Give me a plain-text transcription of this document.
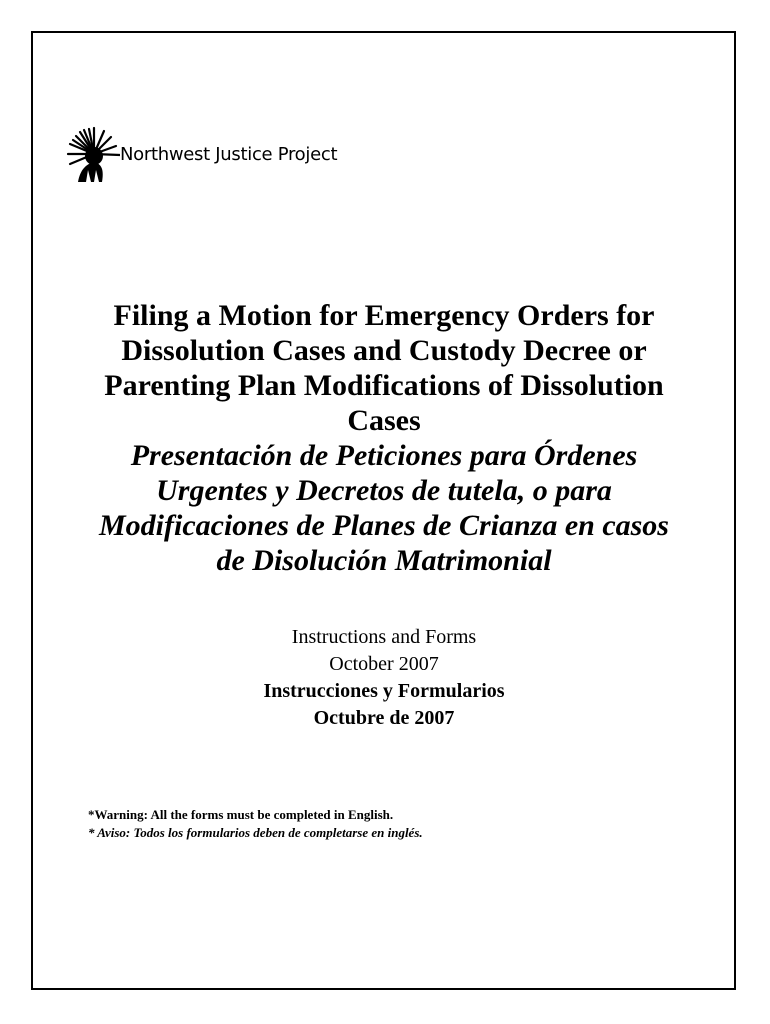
Northwest Justice Project
Filing a Motion for Emergency Orders for
Dissolution Cases and Custody Decree or
Parenting Plan Modifications of Dissolution
Cases
Presentación de Peticiones para Órdenes
Urgentes y Decretos de tutela, o para
Modificaciones de Planes de Crianza en casos
de Disolución Matrimonial
Instructions and Forms
October 2007
Instrucciones y Formularios
Octubre de 2007
*Warning: All the forms must be completed in English.
* Aviso: Todos los formularios deben de completarse en inglés.
